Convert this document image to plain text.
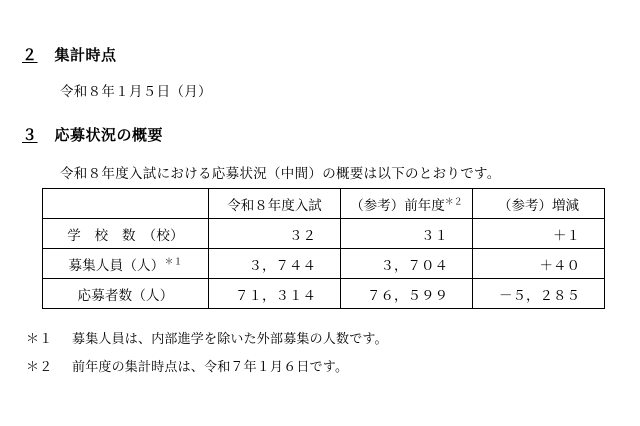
２ 集計時点
令和８年１月５日（月）
３ 応募状況の概要
令和８年度入試における応募状況（中間）の概要は以下のとおりです。
	令和８年度入試	（参考）前年度$^{*2}$	（参考）増減
学　校　数　（校）	３２	３１	＋１
募集人員（人）$^{*1}$	３，７４４	３，７０４	＋４０
応募者数（人）	７１，３１４	７６，５９９	－５，２８５
＊１	募集人員は、内部進学を除いた外部募集の人数です。
＊２	前年度の集計時点は、令和７年１月６日です。
